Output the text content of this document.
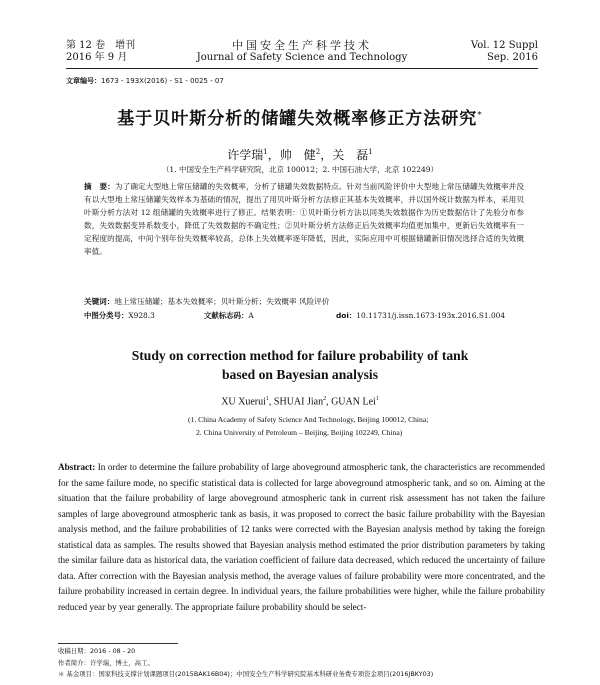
第 12 卷　增刊
2016 年 9 月
中国安全生产科学技术
Journal of Safety Science and Technology
Vol. 12 Suppl
Sep. 2016
文章编号：1673 - 193X(2016) - S1 - 0025 - 07
基于贝叶斯分析的储罐失效概率修正方法研究*
许学瑞$^1$，帅　健$^2$，关　磊$^1$
（1. 中国安全生产科学研究院，北京 100012；2. 中国石油大学，北京 102249）
摘　要：为了确定大型地上常压储罐的失效概率，分析了储罐失效数据特点。针对当前风险评价中大型地上常压储罐失效概率并没有以大型地上常压储罐失效样本为基础的情况，提出了用贝叶斯分析方法修正其基本失效概率，并以国外统计数据为样本，采用贝叶斯分析方法对 12 组储罐的失效概率进行了修正。结果表明：①贝叶斯分析方法以同类失效数据作为历史数据估计了先验分布参数，失效数据变异系数变小，降低了失效数据的不确定性；②贝叶斯分析方法修正后失效概率均值更加集中，更新后失效概率有一定程度的提高，中间个别年份失效概率较高，总体上失效概率逐年降低，因此，实际应用中可根据储罐新旧情况选择合适的失效概率值。
关键词：地上常压储罐；基本失效概率；贝叶斯分析；失效概率 风险评价
中图分类号：X928.3	文献标志码：A	doi：10.11731/j.issn.1673-193x.2016.S1.004
Study on correction method for failure probability of tank
based on Bayesian analysis
XU Xuerui$^1$, SHUAI Jian$^2$, GUAN Lei$^1$
(1. China Academy of Safety Science And Technology, Beijing 100012, China;
2. China University of Petroleum – Beijing, Beijing 102249, China)
Abstract: In order to determine the failure probability of large aboveground atmospheric tank, the characteristics are recommended for the same failure mode, no specific statistical data is collected for large aboveground atmospheric tank, and so on. Aiming at the situation that the failure probability of large aboveground atmospheric tank in current risk assessment has not taken the failure samples of large aboveground atmospheric tank as basis, it was proposed to correct the basic failure probability with the Bayesian analysis method, and the failure probabilities of 12 tanks were corrected with the Bayesian analysis method by taking the foreign statistical data as samples. The results showed that Bayesian analysis method estimated the prior distribution parameters by taking the similar failure data as historical data, the variation coefficient of failure data decreased, which reduced the uncertainty of failure data. After correction with the Bayesian analysis method, the average values of failure probability were more concentrated, and the failure probability increased in certain degree. In individual years, the failure probabilities were higher, while the failure probability reduced year by year generally. The appropriate failure probability should be select-
收稿日期：2016 - 08 - 20
作者简介：许学瑞，博士，高工。
＊ 基金项目：国家科技支撑计划课题项目(2015BAK16B04)；中国安全生产科学研究院基本科研业务费专项资金项目(2016JBKY03)
